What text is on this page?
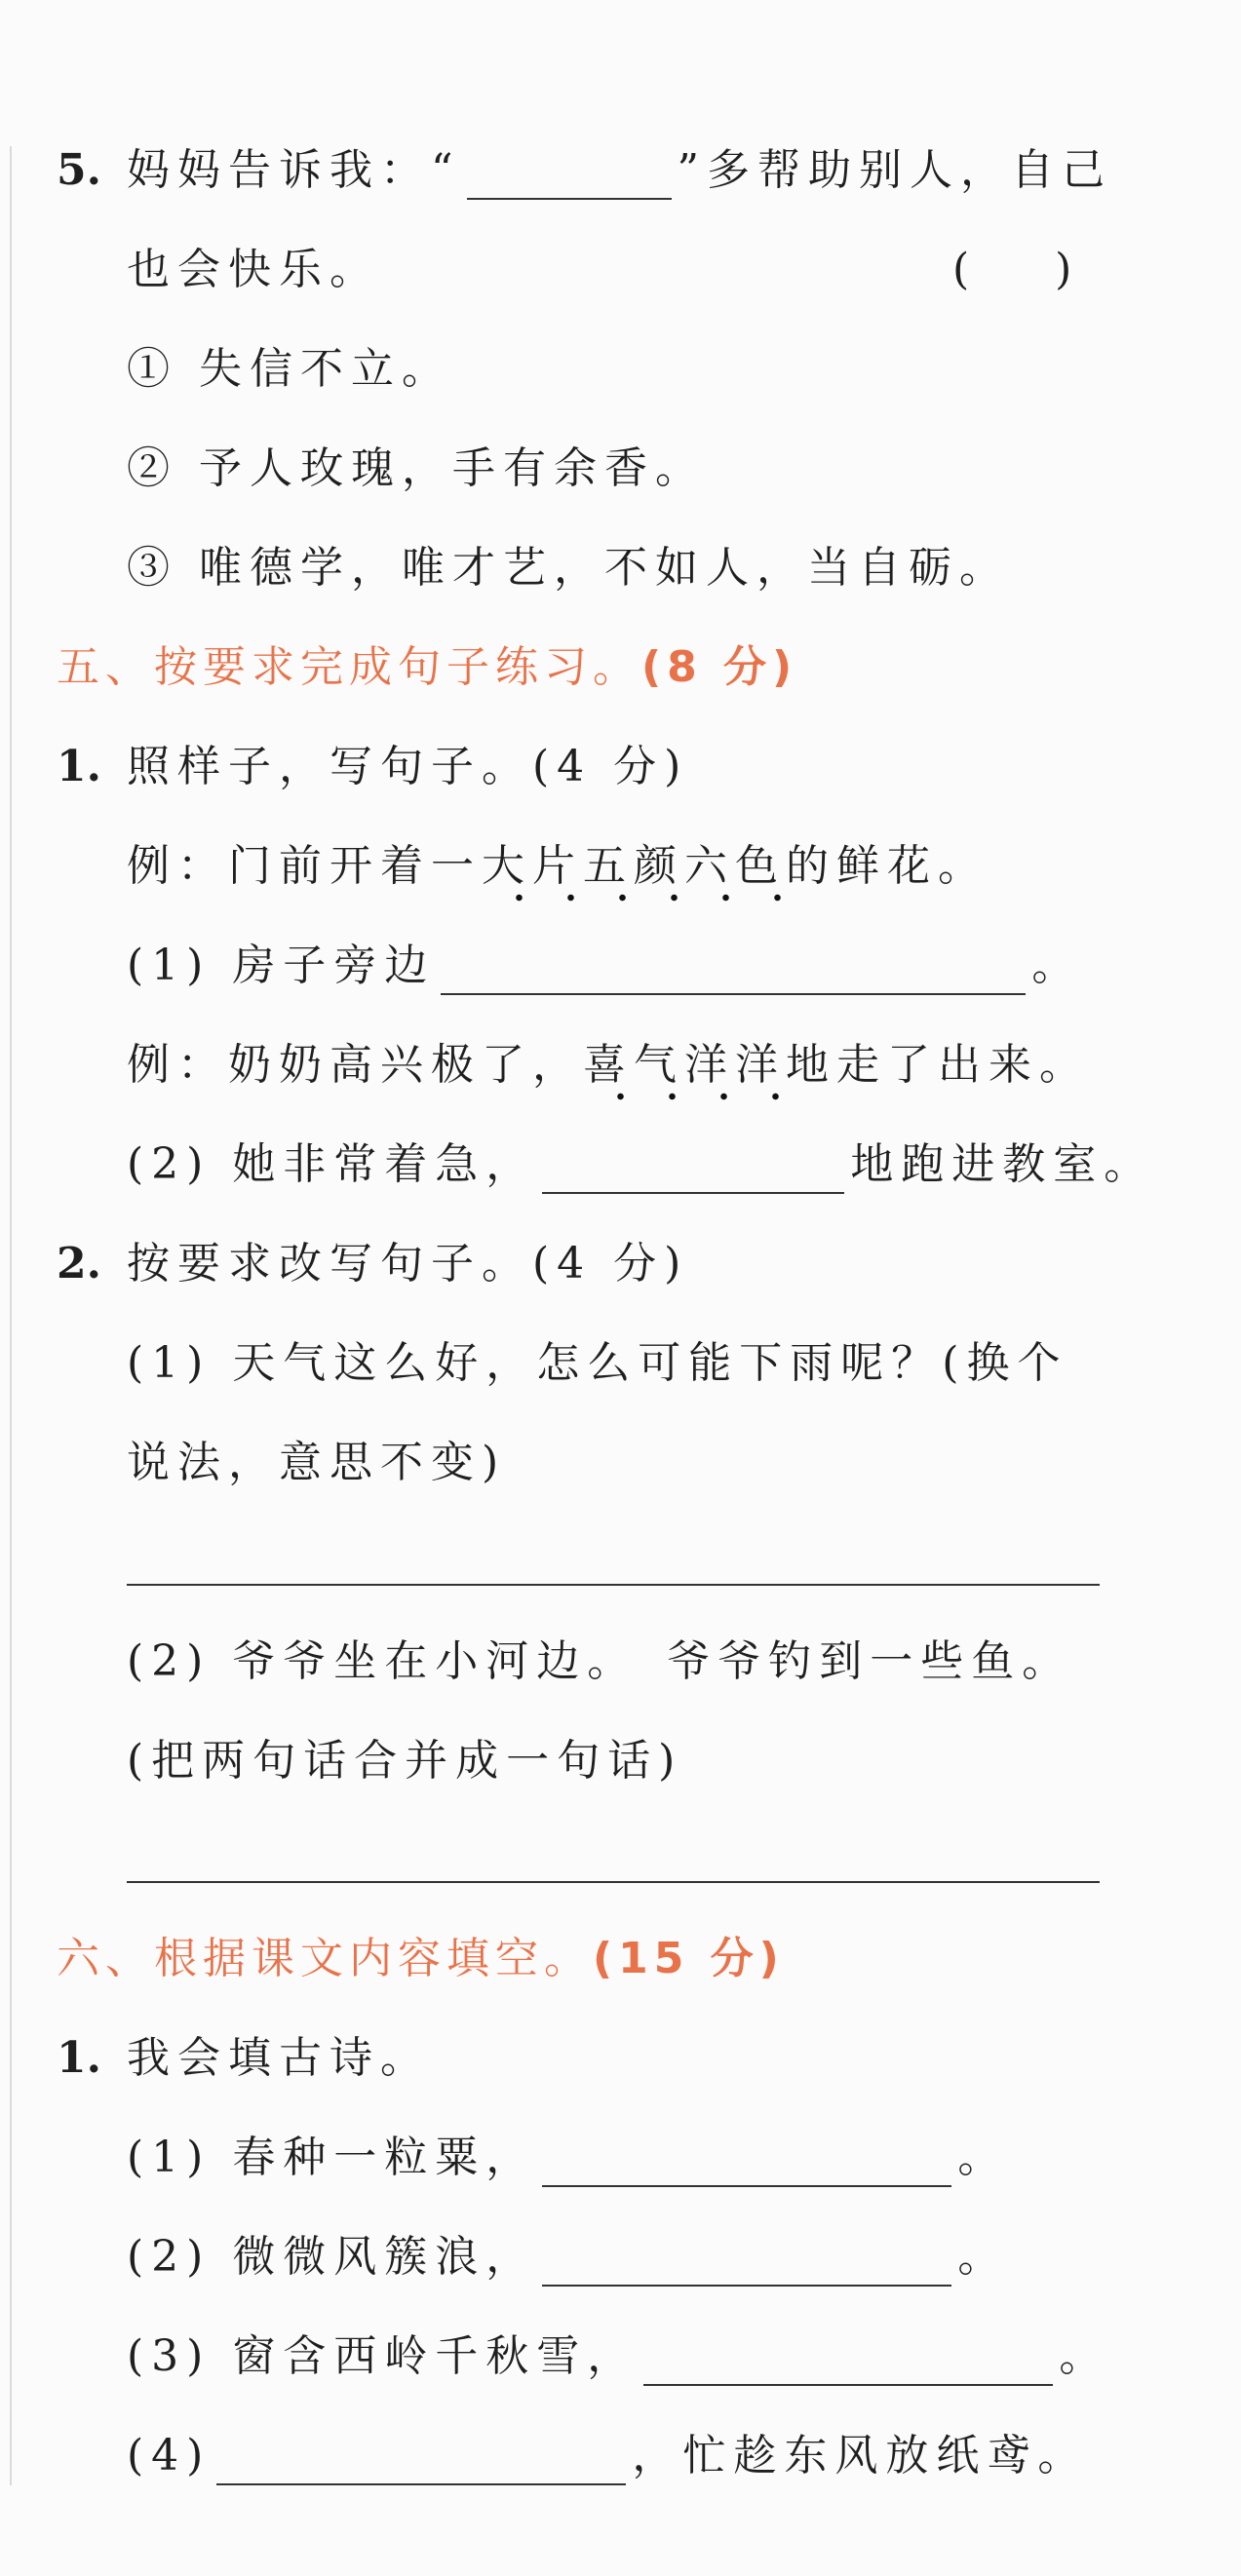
5. 妈妈告诉我：“	”多帮助别人，自己
也会快乐。	(　　)
① 失信不立。
② 予人玫瑰，手有余香。
③ 唯德学，唯才艺，不如人，当自砺。
五、按要求完成句子练习。(8 分)
1. 照样子，写句子。(4 分)
例：门前开着一大片五颜六色的鲜花。
(1) 房子旁边	。
例：奶奶高兴极了，喜气洋洋地走了出来。
(2) 她非常着急，	地跑进教室。
2. 按要求改写句子。(4 分)
(1) 天气这么好，怎么可能下雨呢？(换个
说法，意思不变)
(2) 爷爷坐在小河边。　爷爷钓到一些鱼。
(把两句话合并成一句话)
六、根据课文内容填空。(15 分)
1. 我会填古诗。
(1) 春种一粒粟，	。
(2) 微微风簇浪，	。
(3) 窗含西岭千秋雪，	。
(4)	，忙趁东风放纸鸢。
